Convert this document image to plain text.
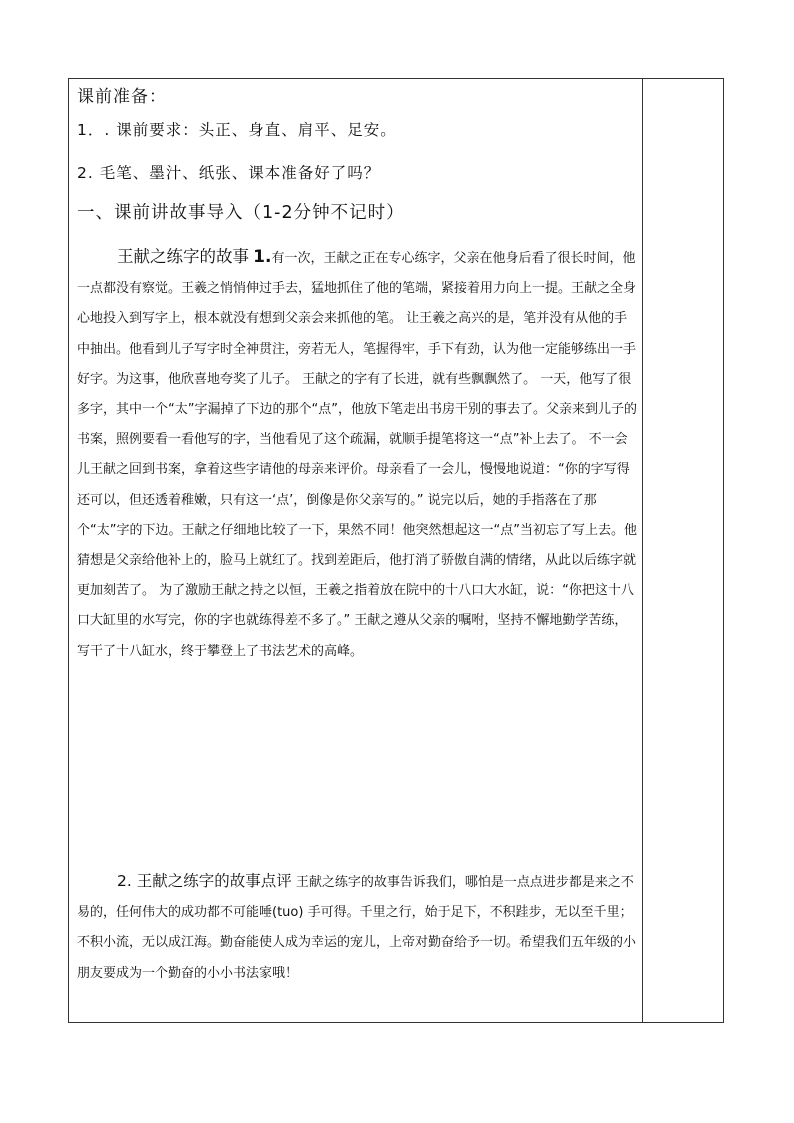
课前准备：

1．. 课前要求：头正、身直、肩平、足安。

2. 毛笔、墨汁、纸张、课本准备好了吗？

一、课前讲故事导入（1-2分钟不记时）

王献之练字的故事 1.有一次，王献之正在专心练字，父亲在他身后看了很长时间，他一点都没有察觉。王羲之悄悄伸过手去，猛地抓住了他的笔端，紧接着用力向上一提。王献之全身心地投入到写字上，根本就没有想到父亲会来抓他的笔。 让王羲之高兴的是，笔并没有从他的手中抽出。他看到儿子写字时全神贯注，旁若无人，笔握得牢，手下有劲，认为他一定能够练出一手好字。为这事，他欣喜地夸奖了儿子。 王献之的字有了长进，就有些飘飘然了。 一天，他写了很多字，其中一个“太”字漏掉了下边的那个“点”，他放下笔走出书房干别的事去了。父亲来到儿子的书案，照例要看一看他写的字，当他看见了这个疏漏，就顺手提笔将这一“点”补上去了。 不一会儿王献之回到书案，拿着这些字请他的母亲来评价。母亲看了一会儿，慢慢地说道：“你的字写得还可以，但还透着稚嫩，只有这一‘点’，倒像是你父亲写的。” 说完以后，她的手指落在了那个“太”字的下边。王献之仔细地比较了一下，果然不同！他突然想起这一“点”当初忘了写上去。他猜想是父亲给他补上的，脸马上就红了。找到差距后，他打消了骄傲自满的情绪，从此以后练字就更加刻苦了。 为了激励王献之持之以恒，王羲之指着放在院中的十八口大水缸，说：“你把这十八口大缸里的水写完，你的字也就练得差不多了。” 王献之遵从父亲的嘱咐，坚持不懈地勤学苦练，写干了十八缸水，终于攀登上了书法艺术的高峰。
2. 王献之练字的故事点评 王献之练字的故事告诉我们，哪怕是一点点进步都是来之不易的，任何伟大的成功都不可能唾(tuo) 手可得。千里之行，始于足下，不积跬步，无以至千里；不积小流，无以成江海。勤奋能使人成为幸运的宠儿，上帝对勤奋给予一切。希望我们五年级的小朋友要成为一个勤奋的小小书法家哦！
